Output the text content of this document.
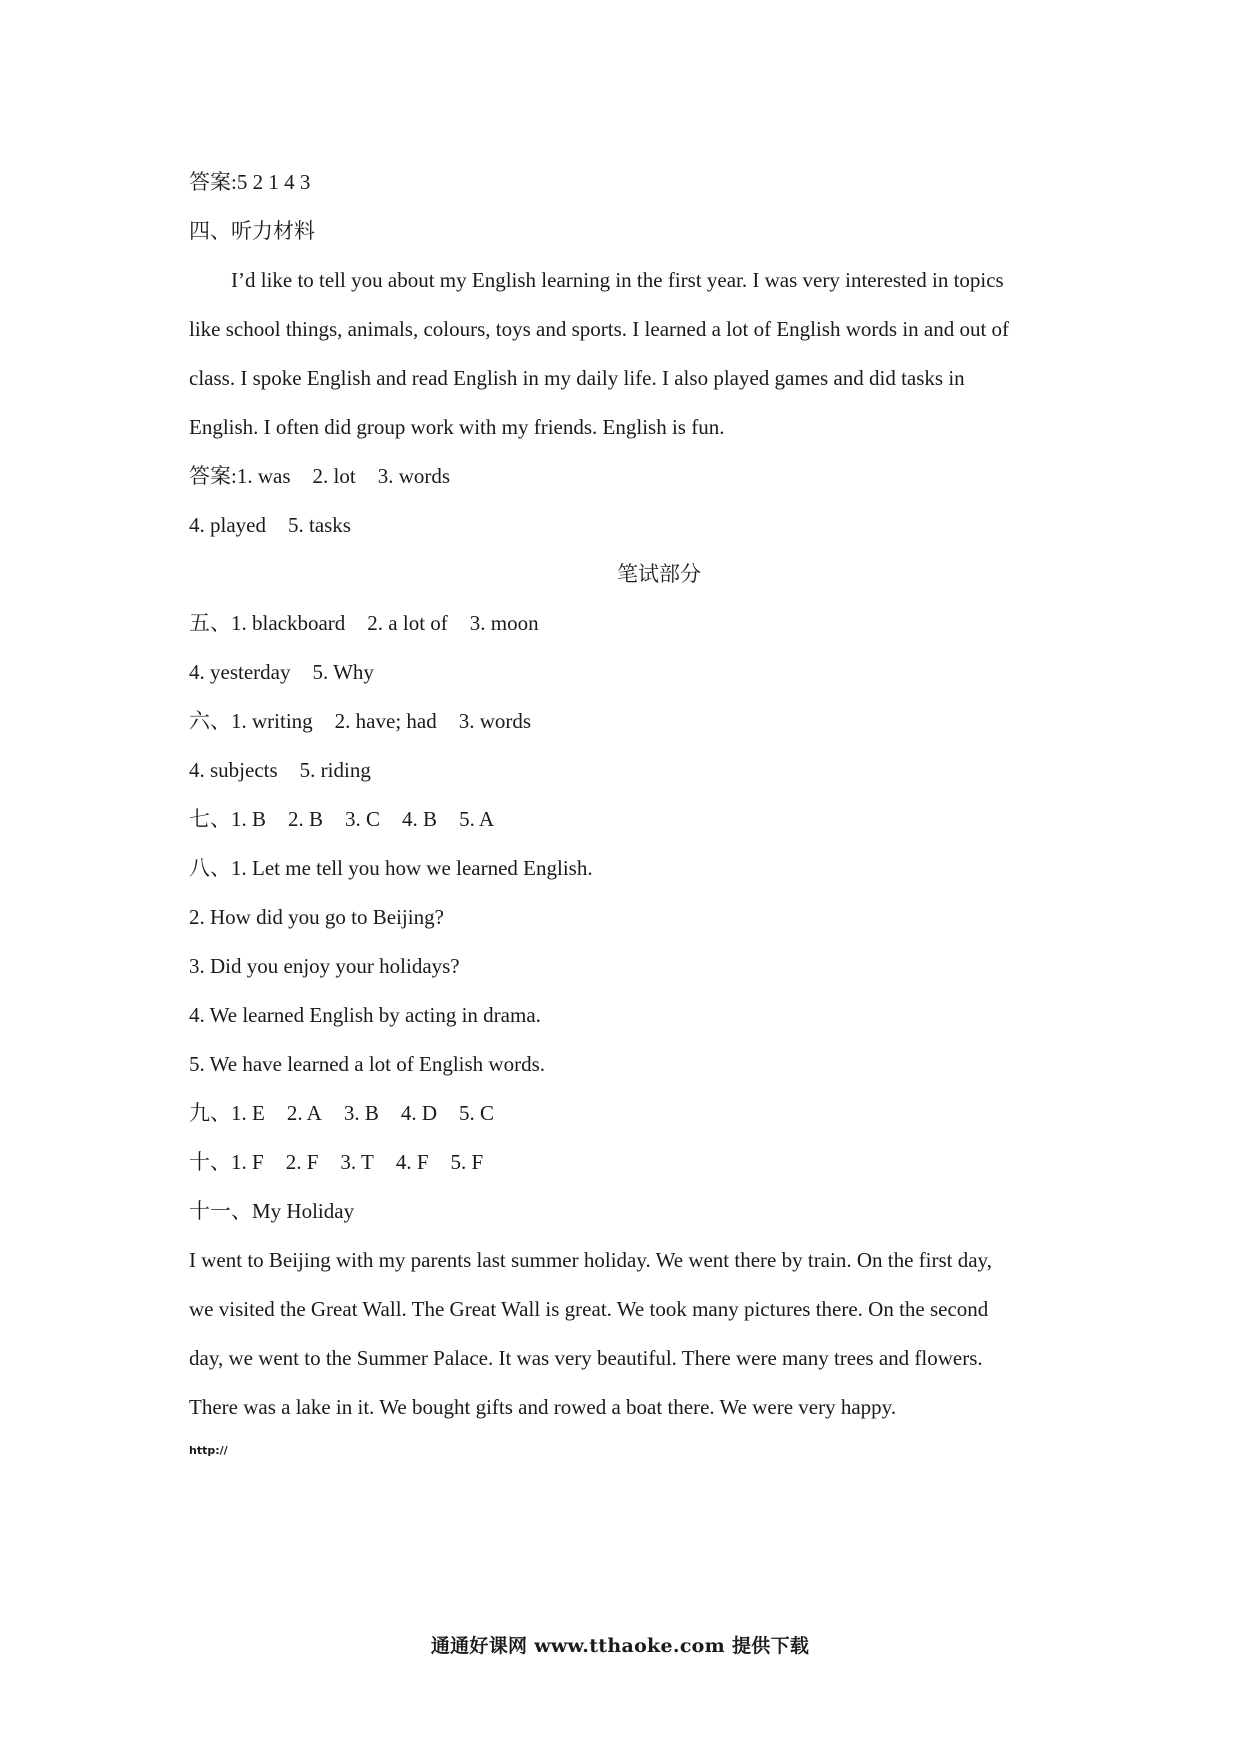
答案:5 2 1 4 3
四、听力材料
I’d like to tell you about my English learning in the first year. I was very interested in topics
like school things, animals, colours, toys and sports. I learned a lot of English words in and out of
class. I spoke English and read English in my daily life. I also played games and did tasks in
English. I often did group work with my friends. English is fun.
答案:1. was 2. lot 3. words
4. played 5. tasks
笔试部分
五、1. blackboard 2. a lot of 3. moon
4. yesterday 5. Why
六、1. writing 2. have; had 3. words
4. subjects 5. riding
七、1. B 2. B 3. C 4. B 5. A
八、1. Let me tell you how we learned English.
2. How did you go to Beijing?
3. Did you enjoy your holidays?
4. We learned English by acting in drama.
5. We have learned a lot of English words.
九、1. E 2. A 3. B 4. D 5. C
十、1. F 2. F 3. T 4. F 5. F
十一、My Holiday
I went to Beijing with my parents last summer holiday. We went there by train. On the first day,
we visited the Great Wall. The Great Wall is great. We took many pictures there. On the second
day, we went to the Summer Palace. It was very beautiful. There were many trees and flowers.
There was a lake in it. We bought gifts and rowed a boat there. We were very happy.
http://
通通好课网 www.tthaoke.com 提供下载
